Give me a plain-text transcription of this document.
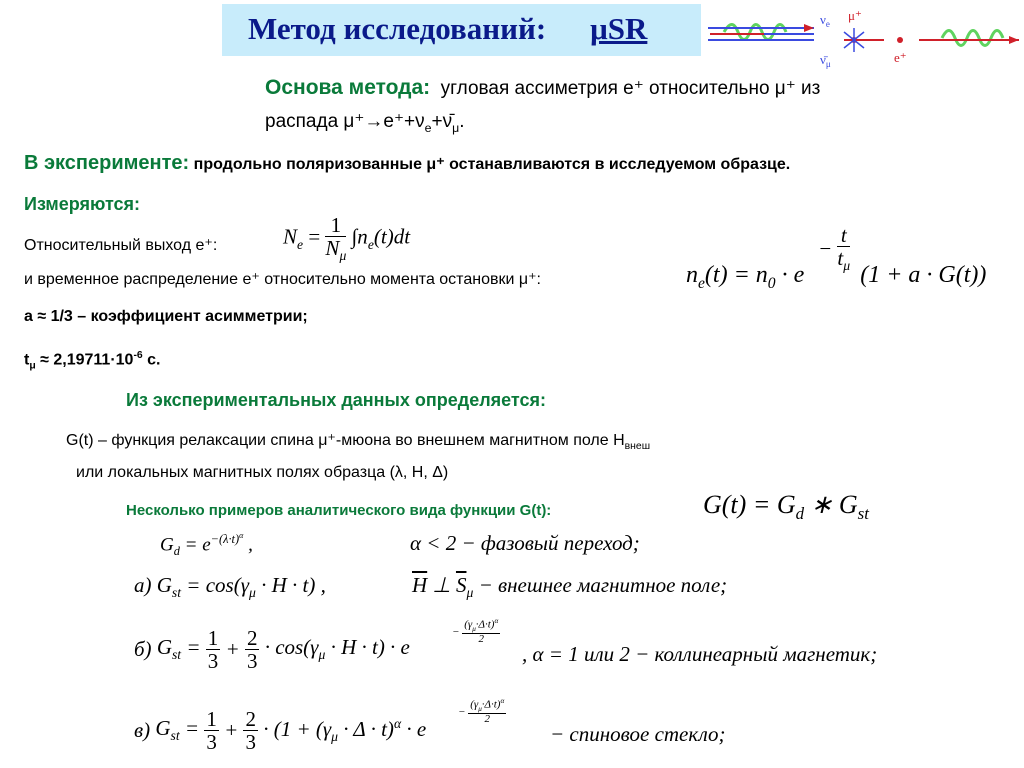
Метод исследований: μSR	$\nu_e$
μ⁺
$\nū_\mu$	e⁺
Основа метода: угловая ассиметрия е⁺ относительно μ⁺ из
распада $\mu^+\to e^++\nu_e+\nū_\mu$.
В эксперименте: продольно поляризованные μ⁺ останавливаются в исследуемом образце.
Измеряются:
Относительный выход е⁺:	$N_e = \frac{1}{N_\mu} \int n_e(t)dt$
и временное распределение е⁺ относительно момента остановки μ⁺:	$n_e(t) = n_0 \cdot e$ (1 + a · G(t))
− $\frac{t}{t_\mu}$
а ≈ 1/3 – коэффициент асимметрии;
$t_\mu \approx 2,19711\cdot 10^{-6}$ с.
Из экспериментальных данных определяется:
G(t) – функция релаксации спина μ⁺-мюона во внешнем магнитном поле $H_{внеш}$
или локальных магнитных полях образца (λ, H, Δ)
Несколько примеров аналитического вида функции G(t):	$G(t) = G_d$ ∗ $G_{st}$
$G_d = e^{-(\lambda\cdot t)^\alpha}$ ,	α < 2 − фазовый переход;
а) $G_{st} = \cos(\gamma_\mu \cdot H \cdot t)$ ,	$\overline{H}$ ⊥ $\overline{S}_\mu$ − внешнее магнитное поле;
б) $G_{st} = \frac{1}{3} + \frac{2}{3} \cdot \cos(\gamma_\mu \cdot H \cdot t) \cdot e$
− $\frac{(\gamma_\mu\cdot\Delta\cdot t)^\alpha}{2}$
, α = 1 или 2 − коллинеарный магнетик;
в) $G_{st} = \frac{1}{3} + \frac{2}{3} \cdot (1 + (\gamma_\mu \cdot \Delta \cdot t)^\alpha \cdot e$
− $\frac{(\gamma_\mu\cdot\Delta\cdot t)^\alpha}{2}$
− спиновое стекло;
